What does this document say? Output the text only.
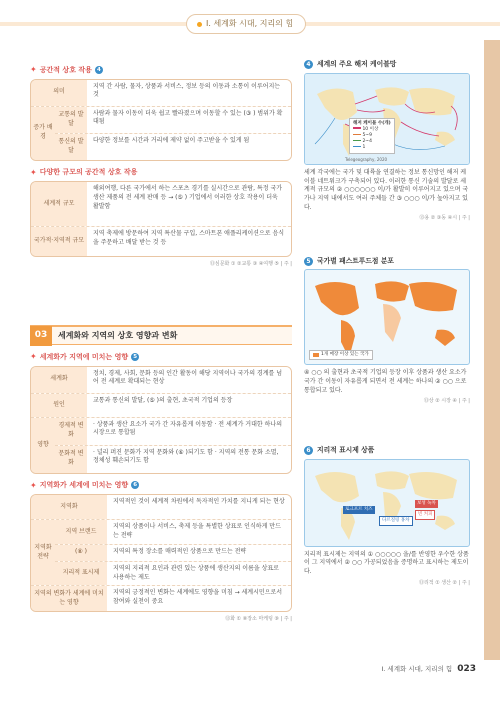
Ⅰ. 세계화 시대, 지리의 힘
✦ 공간적 상호 작용 4
의미
지역 간 사람, 물자, 상품과 서비스, 정보 등의 이동과 소통이 이루어지는 것
증가 배경
교통의 발달
사람과 물자 이동이 더욱 쉽고 빨라졌으며 이동할 수 있는 (③ ) 범위가 확대됨
통신의 발달
다양한 정보를 시간과 거리에 제약 없이 주고받을 수 있게 됨
✦ 다양한 규모의 공간적 상호 작용
세계적 규모
해외여행, 다른 국가에서 하는 스포츠 경기를 실시간으로 관람, 특정 국가 생산 제품의 전 세계 판매 등 → (⑤ ) 기업에서 이러한 상호 작용이 더욱 활발함
국가적·지역적 규모
지역 축제에 방문하여 지역 특산물 구입, 스마트폰 애플리케이션으로 음식을 주문하고 배달 받는 것 등
⑬심문화 ① ②교통 ③ ④여행 ⑤ | 주 |
03	세계화와 지역의 상호 영향과 변화
✦ 세계화가 지역에 미치는 영향 5
세계화
정치, 경제, 사회, 문화 등의 인간 활동이 해당 지역이나 국가의 경계를 넘어 전 세계로 확대되는 현상
원인
교통과 통신의 발달, (⑤ )의 출현, 초국적 기업의 등장
영향
경제적 변화
· 상품과 생산 요소가 국가 간 자유롭게 이동함 · 전 세계가 거대한 하나의 시장으로 통합됨
문화적 변화
· 널리 퍼진 문화가 지역 문화와 (⑥ )되기도 함 · 지역의 전통 문화 소멸, 정체성 훼손되기도 함
✦ 지역화가 세계에 미치는 영향 6
지역화
지역적인 것이 세계적 차원에서 독자적인 가치를 지니게 되는 현상
지역화 전략
지역 브랜드
지역의 상품이나 서비스, 축제 등을 특별한 상표로 인식하게 만드는 전략
(⑧ )	지역의 특정 장소를 매력적인 상품으로 만드는 전략
지리적 표시제
지역의 지리적 요인과 관련 있는 상품에 생산지의 이름을 상표로 사용하는 제도
지역의 변화가 세계에 미치는 영향
지역의 긍정적인 변화는 세계에도 영향을 미침 → 세계시민으로서 참여와 실천이 중요
⑬화 ① ⑧장소 마케팅 ⑨ | 주 |
4 세계의 주요 해저 케이블망
해저 케이블 수(개)
10 이상
5~9
2~4
1
Telegeography, 2020
세계 각국에는 국가 및 대륙을 연결하는 정보 통신망인 해저 케이블 네트워크가 구축되어 있다. 이러한 통신 기술의 발달로 세계적 규모의 ② ○○○○○○ 이/가 활발히 이루어지고 있으며 국가나 지역 내에서도 여러 주체들 간 ③ ○○○ 이/가 높아지고 있다.
⑬용 ② ③동 ④시 | 주 |
5 국가별 패스트푸드점 분포
1개 매장 이상 있는 국가
④ ○○ 의 출현과 초국적 기업의 등장 이후 상품과 생산 요소가 국가 간 이동이 자유롭게 되면서 전 세계는 하나의 ② ○○ 으로 통합되고 있다.
⑬상 ② 시장 ④ | 주 |
6 지리적 표시제 상품
로크포르 치즈
다르질링 홍차
보성 녹차
빈 커피
지리적 표시제는 지역의 ① ○○○○○ 을/를 반영한 우수한 상품이 그 지역에서 ② ○○ 가공되었음을 증명하고 표시하는 제도이다.
⑬리적 ① 생산 ② | 주 |
Ⅰ. 세계화 시대, 지리의 힘 023
